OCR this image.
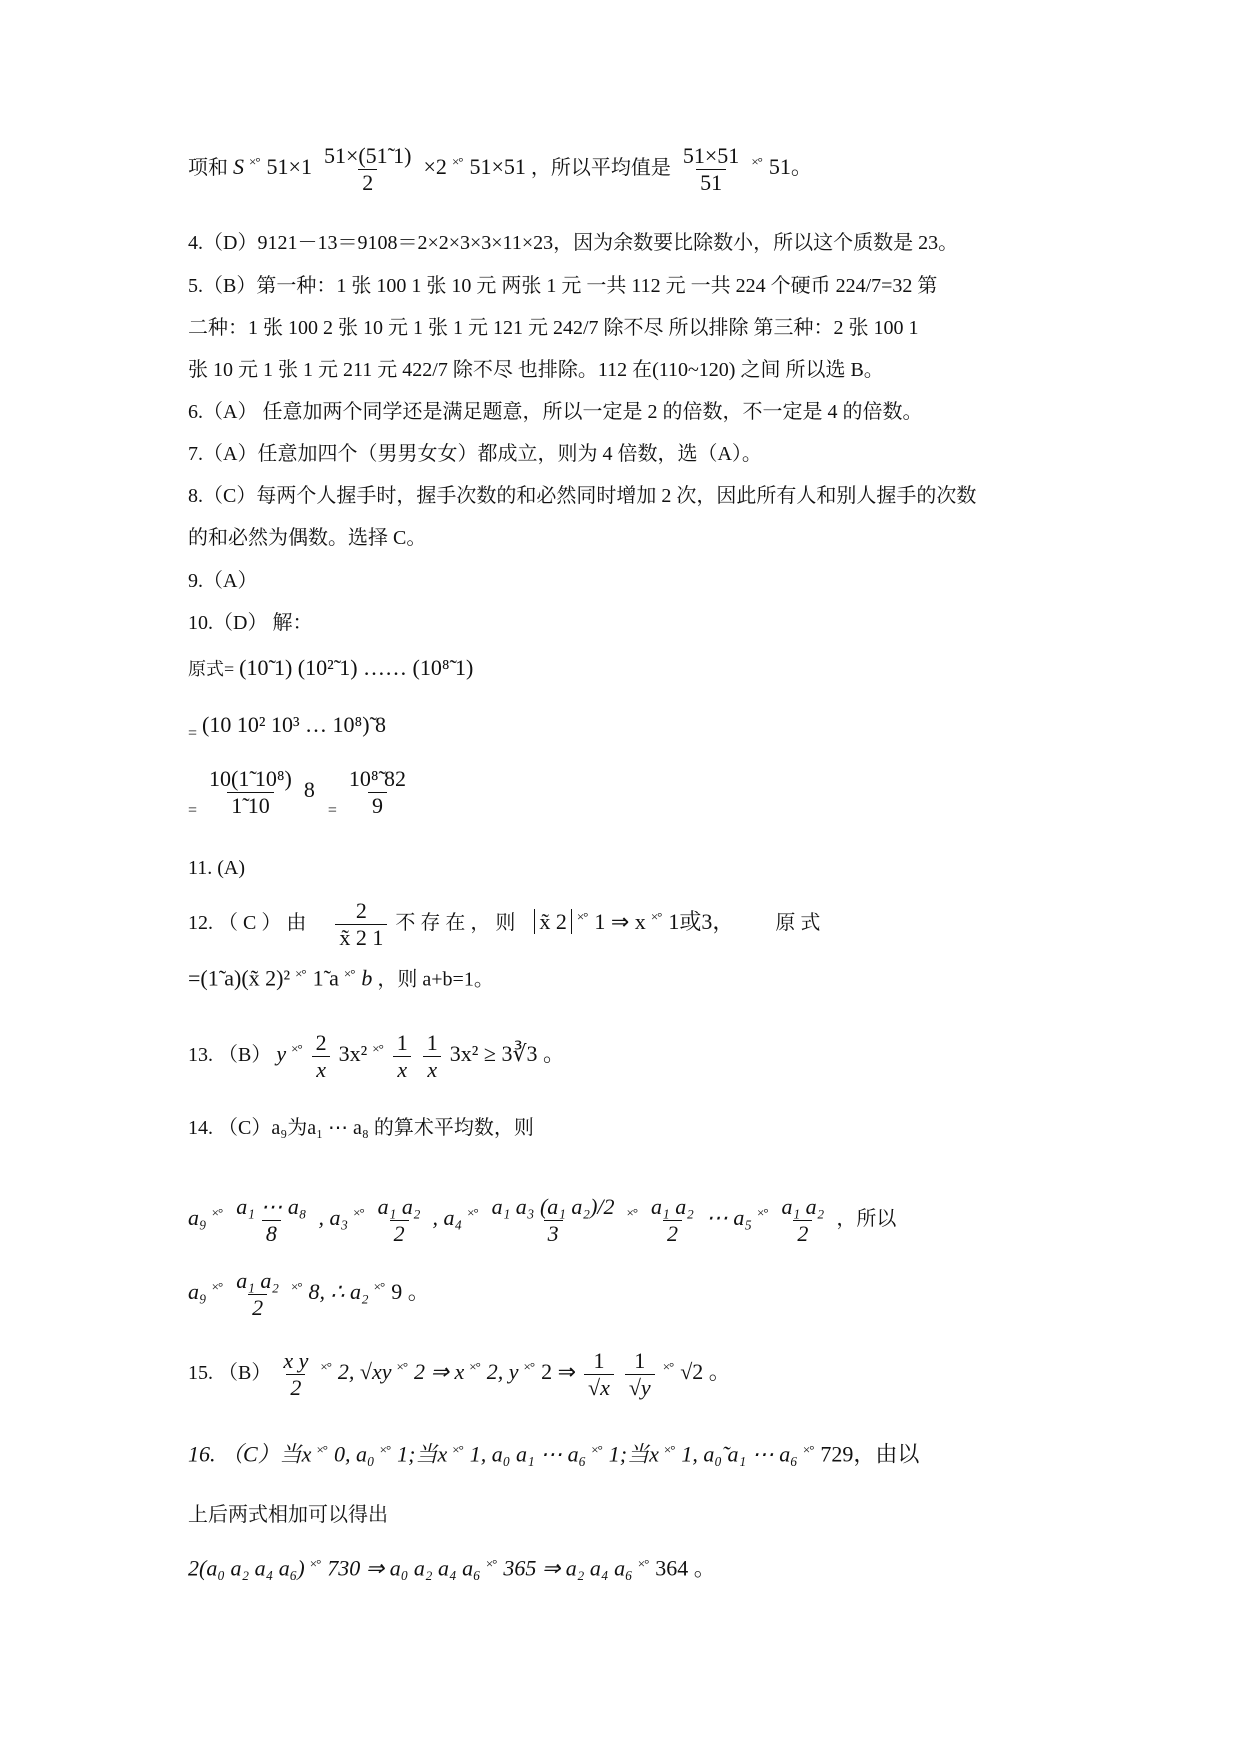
项和 S ×° $51\times 1 \frac{51\times(51̃ 1)}{2} \times 2$ ×° 51×51 ，所以平均值是 $\frac{51\times 51}{51} ^{\times^\circ}$ 51。
4.（D）9121－13＝9108＝2×2×3×3×11×23，因为余数要比除数小，所以这个质数是 23。
5.（B）第一种：1 张 100 1 张 10 元 两张 1 元 一共 112 元 一共 224 个硬币 224/7=32 第
二种：1 张 100 2 张 10 元 1 张 1 元 121 元 242/7 除不尽 所以排除 第三种：2 张 100 1
张 10 元 1 张 1 元 211 元 422/7 除不尽 也排除。112 在(110~120) 之间 所以选 B。
6.（A） 任意加两个同学还是满足题意，所以一定是 2 的倍数，不一定是 4 的倍数。
7.（A）任意加四个（男男女女）都成立，则为 4 倍数，选（A）。
8.（C）每两个人握手时，握手次数的和必然同时增加 2 次，因此所有人和别人握手的次数
的和必然为偶数。选择 C。
9.（A）
10.（D） 解：
原式= (10̃ 1) (10²̃ 1) …… (10⁸̃ 1)
$_=$ (10 10² 10³ … 10⁸)̃ 8
$_= \frac{\text{10(1̃ 10⁸)}}{1̃ 10} 8$ $_= \frac{\text{10⁸̃ 82}}{9}$
11. (A)
12. （ C ） 由 $\frac{2}{x̃ 2 1}$ 不 存 在 ， 则 x̃ 2 ×° 1 ⇒ x ×° 1或3， 原 式
=(1̃ a)(x̃ 2)² ×° 1̃ a ×° b ，则 a+b=1。
13. （B） y $^{\times^\circ} \frac{2}{x} 3x^2$ $^{\times^\circ} \frac{1}{x}$
$\frac{1}{x} 3x^2$ ≥ 3∛3 。
14. （C）a₉为a₁ ⋯ a₈ 的算术平均数，则
a₉ $^{\times^\circ} \frac{\text{a₁ ⋯ a₈}}{8}$ , a₃ $^{\times^\circ} \frac{\text{a₁ a₂}}{2}$ , a₄ $^{\times^\circ} \frac{\text{a₁ a₃ (a₁ a₂)/2}}{3} ^{\times^\circ} \frac{\text{a₁ a₂}}{2}$ ⋯ a₅ $^{\times^\circ} \frac{\text{a₁ a₂}}{2}$ ，所以
a₉ $^{\times^\circ} \frac{\text{a₁ a₂}}{2} ^{\times^\circ}$ 8, ∴ a₂ ×° 9 。
15. $(B) \frac{\text{x y}}{2} ^{\times^\circ}$ 2, √xy ×° 2 ⇒ x ×° 2, y ×° 2 ⇒ $\frac{1}{√x}$
$\frac{1}{√y} ^{\times^\circ}$ √2 。
16. （C）当x ×° 0, a₀ ×° 1;当x ×° 1, a₀ a₁ ⋯ a₆ ×° 1;当x ×° 1, a₀̃ a₁ ⋯ a₆ ×° 729，由以
上后两式相加可以得出
2(a₀ a₂ a₄ a₆) ×° 730 ⇒ a₀ a₂ a₄ a₆ ×° 365 ⇒ a₂ a₄ a₆ ×° 364 。
